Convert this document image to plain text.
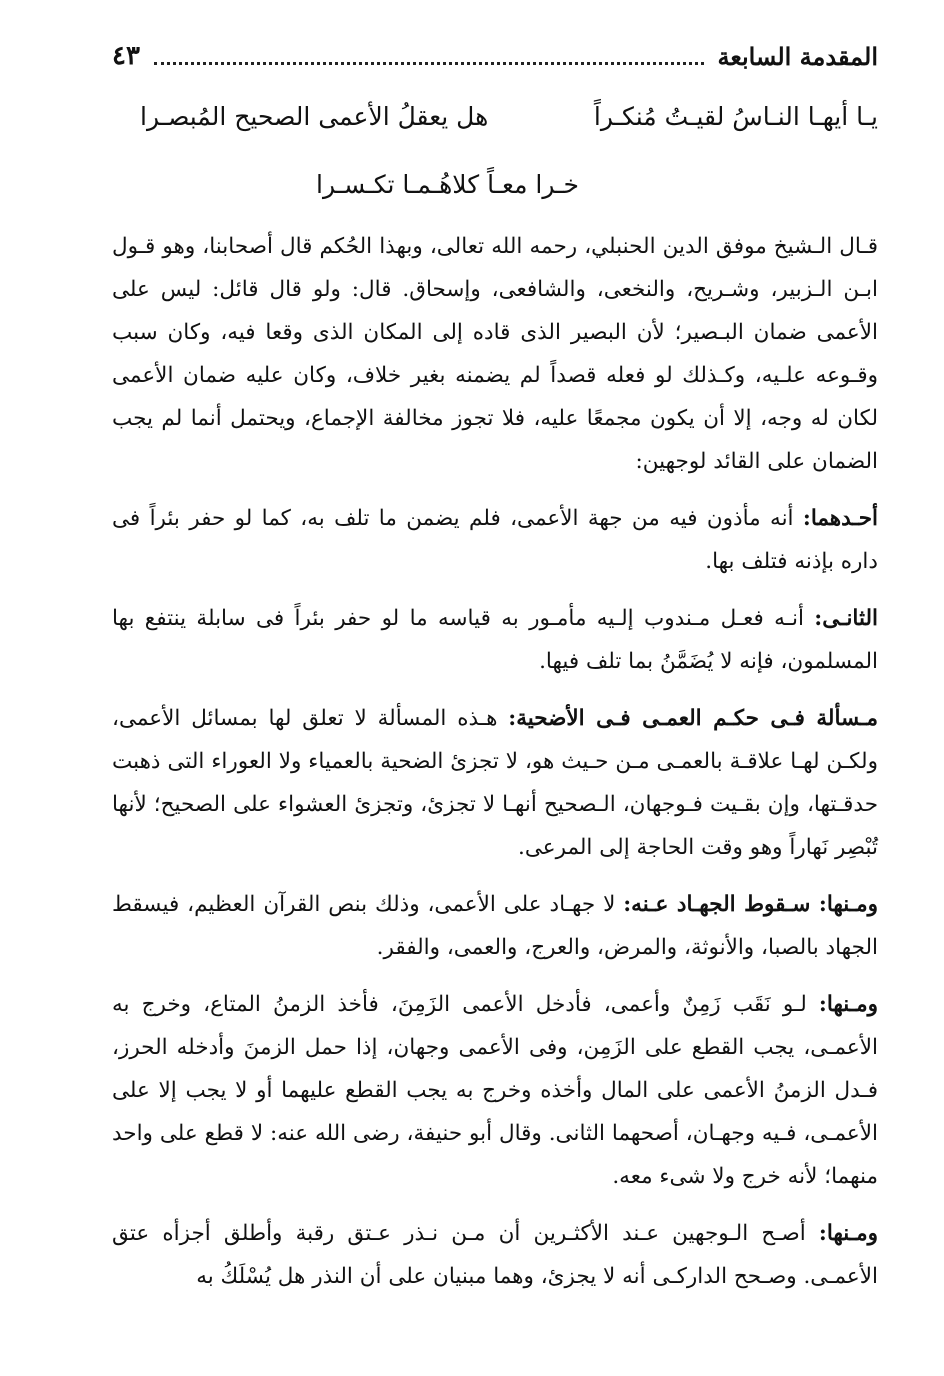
المقدمة السابعة
٤٣
يـا أيهـا النـاسُ لقيـتُ مُنكـراً
هل يعقلُ الأعمى الصحيح المُبصـرا
خـرا معـاً كلاهُـمـا تكـسـرا

قـال الـشيخ موفق الدين الحنبلي، رحمه الله تعالى، وبهذا الحُكم قال أصحابنا، وهو قـول ابـن الـزبير، وشـريح، والنخعى، والشافعى، وإسحاق. قال: ولو قال قائل: ليس على الأعمى ضمان البـصير؛ لأن البصير الذى قاده إلى المكان الذى وقعا فيه، وكان سبب وقـوعه علـيه، وكـذلك لو فعله قصداً لم يضمنه بغير خلاف، وكان عليه ضمان الأعمى لكان له وجه، إلا أن يكون مجمعًا عليه، فلا تجوز مخالفة الإجماع، ويحتمل أنما لم يجب الضمان على القائد لوجهين:

أحـدهما: أنه مأذون فيه من جهة الأعمى، فلم يضمن ما تلف به، كما لو حفر بئراً فى داره بإذنه فتلف بها.

الثانـى: أنـه فعـل مـندوب إلـيه مأمـور به قياسه ما لو حفر بئراً فى سابلة ينتفع بها المسلمون، فإنه لا يُضَمَّنُ بما تلف فيها.

مـسألة فـى حكـم العمـى فـى الأضحية: هـذه المسألة لا تعلق لها بمسائل الأعمى، ولكـن لهـا علاقـة بالعمـى مـن حـيث هو، لا تجزئ الضحية بالعمياء ولا العوراء التى ذهبت حدقـتها، وإن بقـيت فـوجهان، الـصحيح أنهـا لا تجزئ، وتجزئ العشواء على الصحيح؛ لأنها تُبْصِر نَهاراً وهو وقت الحاجة إلى المرعى.

ومـنها: سـقوط الجهـاد عـنه: لا جهـاد على الأعمى، وذلك بنص القرآن العظيم، فيسقط الجهاد بالصبا، والأنوثة، والمرض، والعرج، والعمى، والفقر.

ومـنها: لـو نَقَب زَمِنٌ وأعمى، فأدخل الأعمى الزَمِنَ، فأخذ الزمنُ المتاع، وخرج به الأعمـى، يجب القطع على الزَمِن، وفى الأعمى وجهان، إذا حمل الزمنَ وأدخله الحرز، فـدل الزمنُ الأعمى على المال وأخذه وخرج به يجب القطع عليهما أو لا يجب إلا على الأعمـى، فـيه وجهـان، أصحهما الثانى. وقال أبو حنيفة، رضى الله عنه: لا قطع على واحد منهما؛ لأنه خرج ولا شىء معه.

ومـنها: أصـح الـوجهين عـند الأكثـرين أن مـن نـذر عـتق رقبة وأطلق أجزأه عتق الأعمـى. وصـحح الداركـى أنه لا يجزئ، وهما مبنيان على أن النذر هل يُسْلَكُ به
